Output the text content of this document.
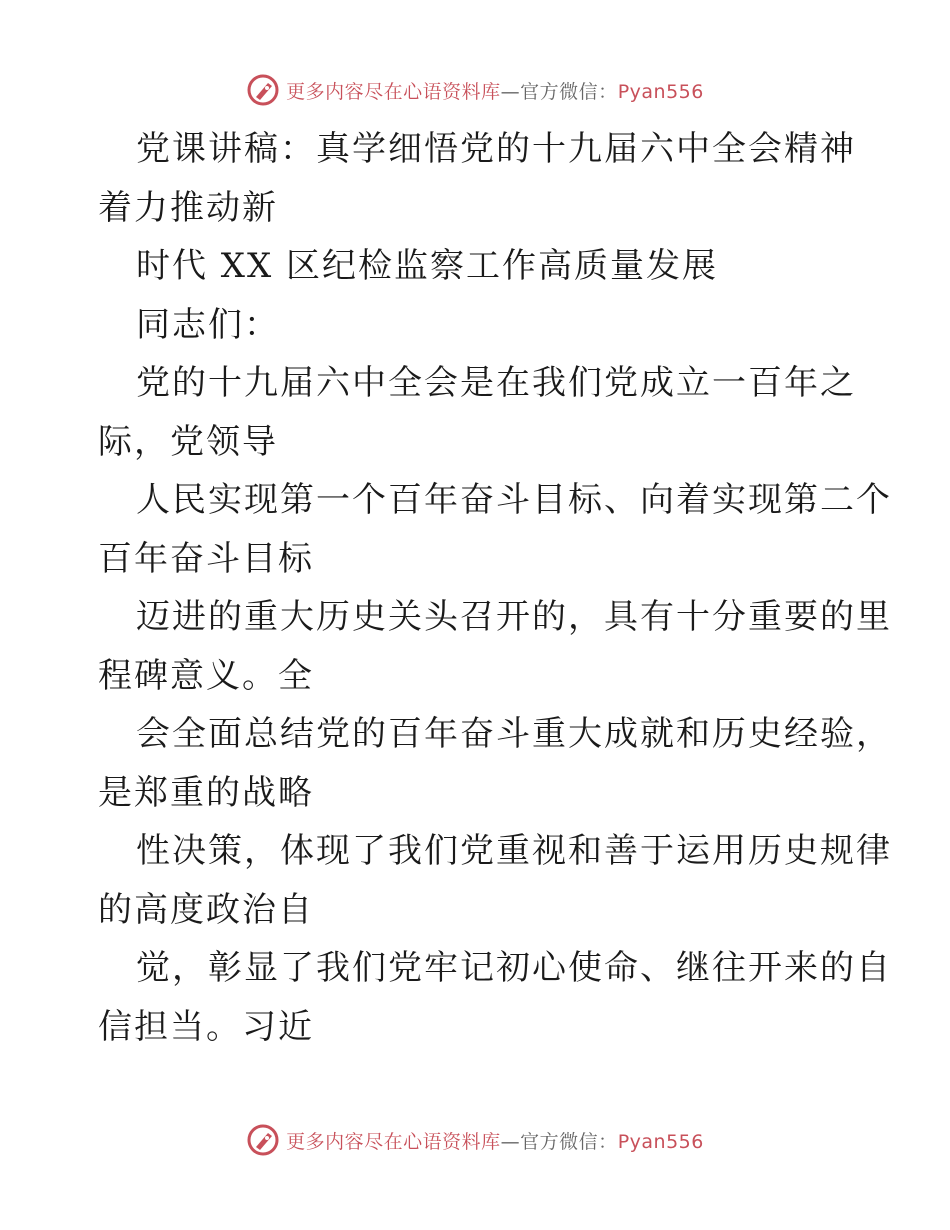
更多内容尽在心语资料库—官方微信：Pyan556

党课讲稿：真学细悟党的十九届六中全会精神

着力推动新

时代 XX 区纪检监察工作高质量发展

同志们：

党的十九届六中全会是在我们党成立一百年之

际，党领导

人民实现第一个百年奋斗目标、向着实现第二个

百年奋斗目标

迈进的重大历史关头召开的，具有十分重要的里

程碑意义。全

会全面总结党的百年奋斗重大成就和历史经验，

是郑重的战略

性决策，体现了我们党重视和善于运用历史规律

的高度政治自

觉，彰显了我们党牢记初心使命、继往开来的自

信担当。习近

更多内容尽在心语资料库—官方微信：Pyan556
